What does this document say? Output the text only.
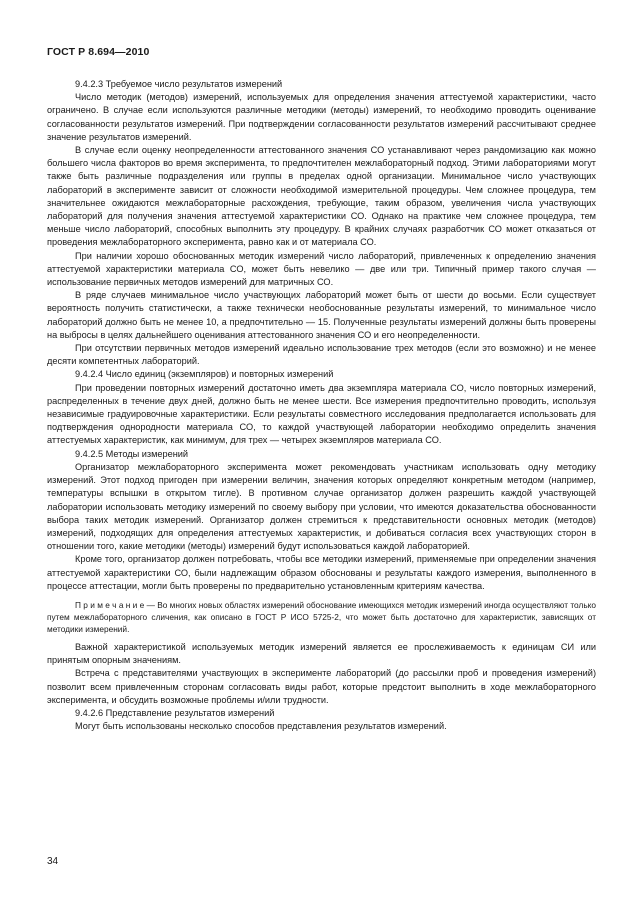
ГОСТ Р 8.694—2010

9.4.2.3 Требуемое число результатов измерений

Число методик (методов) измерений, используемых для определения значения аттестуемой характеристики, часто ограничено. В случае если используются различные методики (методы) измерений, то необходимо проводить оценивание согласованности результатов измерений. При подтверждении согласованности результатов измерений рассчитывают среднее значение результатов измерений.

В случае если оценку неопределенности аттестованного значения СО устанавливают через рандомизацию как можно большего числа факторов во время эксперимента, то предпочтителен межлабораторный подход. Этими лабораториями могут также быть различные подразделения или группы в пределах одной организации. Минимальное число участвующих лабораторий в эксперименте зависит от сложности необходимой измерительной процедуры. Чем сложнее процедура, тем значительнее ожидаются межлабораторные расхождения, требующие, таким образом, увеличения числа участвующих лабораторий для получения значения аттестуемой характеристики СО. Однако на практике чем сложнее процедура, тем меньше число лабораторий, способных выполнить эту процедуру. В крайних случаях разработчик СО может отказаться от проведения межлабораторного эксперимента, равно как и от материала СО.

При наличии хорошо обоснованных методик измерений число лабораторий, привлеченных к определению значения аттестуемой характеристики материала СО, может быть невелико — две или три. Типичный пример такого случая — использование первичных методов измерений для матричных СО.

В ряде случаев минимальное число участвующих лабораторий может быть от шести до восьми. Если существует вероятность получить статистически, а также технически необоснованные результаты измерений, то минимальное число лабораторий должно быть не менее 10, а предпочтительно — 15. Полученные результаты измерений должны быть проверены на выбросы в целях дальнейшего оценивания аттестованного значения СО и его неопределенности.

При отсутствии первичных методов измерений идеально использование трех методов (если это возможно) и не менее десяти компетентных лабораторий.

9.4.2.4 Число единиц (экземпляров) и повторных измерений

При проведении повторных измерений достаточно иметь два экземпляра материала СО, число повторных измерений, распределенных в течение двух дней, должно быть не менее шести. Все измерения предпочтительно проводить, используя независимые градуировочные характеристики. Если результаты совместного исследования предполагается использовать для подтверждения однородности материала СО, то каждой участвующей лаборатории необходимо определить значения аттестуемых характеристик, как минимум, для трех — четырех экземпляров материала СО.

9.4.2.5 Методы измерений

Организатор межлабораторного эксперимента может рекомендовать участникам использовать одну методику измерений. Этот подход пригоден при измерении величин, значения которых определяют конкретным методом (например, температуры вспышки в открытом тигле). В противном случае организатор должен разрешить каждой участвующей лаборатории использовать методику измерений по своему выбору при условии, что имеются доказательства обоснованности выбора таких методик измерений. Организатор должен стремиться к представительности основных методик (методов) измерений, подходящих для определения аттестуемых характеристик, и добиваться согласия всех участвующих сторон в отношении того, какие методики (методы) измерений будут использоваться каждой лабораторией.

Кроме того, организатор должен потребовать, чтобы все методики измерений, применяемые при определении значения аттестуемой характеристики СО, были надлежащим образом обоснованы и результаты каждого измерения, выполненного в процессе аттестации, могли быть проверены по предварительно установленным критериям качества.

П р и м е ч а н и е — Во многих новых областях измерений обоснование имеющихся методик измерений иногда осуществляют только путем межлабораторного сличения, как описано в ГОСТ Р ИСО 5725-2, что может быть достаточно для характеристик, зависящих от методики измерений.

Важной характеристикой используемых методик измерений является ее прослеживаемость к единицам СИ или принятым опорным значениям.

Встреча с представителями участвующих в эксперименте лабораторий (до рассылки проб и проведения измерений) позволит всем привлеченным сторонам согласовать виды работ, которые предстоит выполнить в ходе межлабораторного эксперимента, и обсудить возможные проблемы и/или трудности.

9.4.2.6 Представление результатов измерений

Могут быть использованы несколько способов представления результатов измерений.

34
